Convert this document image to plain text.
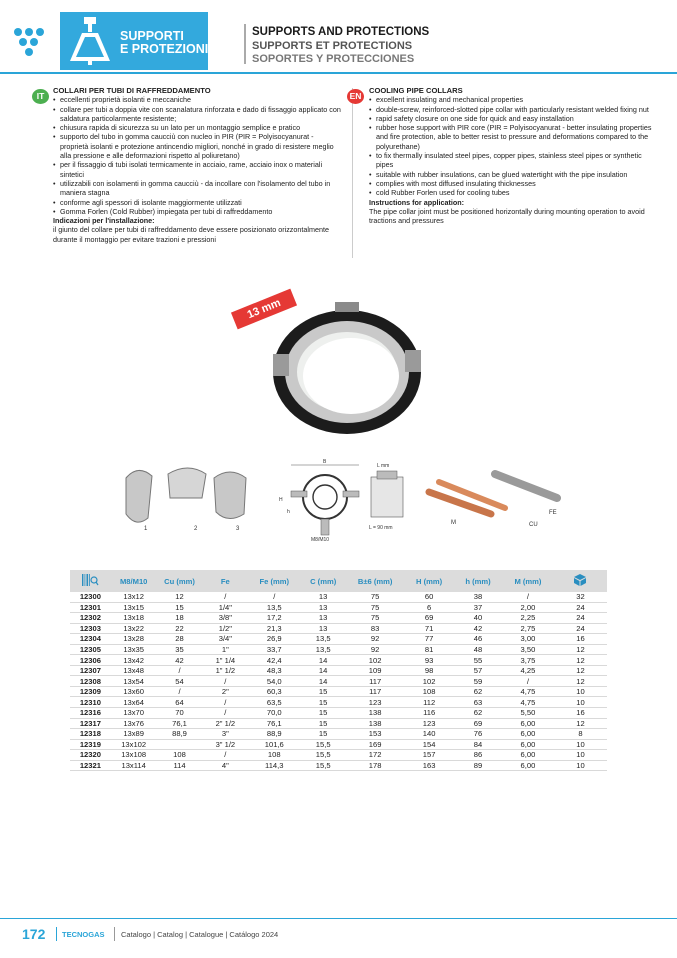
SUPPORTI
E PROTEZIONI
SUPPORTS AND PROTECTIONS
SUPPORTS ET PROTECTIONS
SOPORTES Y PROTECCIONES
IT
COLLARI PER TUBI DI RAFFREDDAMENTO
• eccellenti proprietà isolanti e meccaniche
• collare per tubi a doppia vite con scanalatura rinforzata e dado di fissaggio applicato con saldatura particolarmente resistente;
• chiusura rapida di sicurezza su un lato per un montaggio semplice e pratico
• supporto del tubo in gomma caucciù con nucleo in PIR (PIR = Polyisocyanurat - proprietà isolanti e protezione antincendio migliori, nonché in grado di resistere meglio alla pressione e alle deformazioni rispetto al poliuretano)
• per il fissaggio di tubi isolati termicamente in acciaio, rame, acciaio inox o materiali sintetici
• utilizzabili con isolamenti in gomma caucciù - da incollare con l'isolamento del tubo in maniera stagna
• conforme agli spessori di isolante maggiormente utilizzati
• Gomma Forlen (Cold Rubber) impiegata per tubi di raffreddamento
Indicazioni per l'installazione:
il giunto del collare per tubi di raffreddamento deve essere posizionato orizzontalmente durante il montaggio per evitare trazioni e pressioni
EN
COOLING PIPE COLLARS
• excellent insulating and mechanical properties
• double-screw, reinforced-slotted pipe collar with particularly resistant welded fixing nut
• rapid safety closure on one side for quick and easy installation
• rubber hose support with PIR core (PIR = Polyisocyanurat - better insulating properties and fire protection, able to better resist to pressure and deformations compared to the polyurethane)
• to fix thermally insulated steel pipes, copper pipes, stainless steel pipes or synthetic pipes
• suitable with rubber insulations, can be glued watertight with the pipe insulation
• complies with most diffused insulating thicknesses
• cold Rubber Forlen used for cooling tubes
Instructions for application:
The pipe collar joint must be positioned horizontally during mounting operation to avoid tractions and pressures
13 mm
1	2	3
B
H
h
M8/M10
L mm
L = 90 mm
M	CU
FE
	M8/M10	Cu (mm)	Fe	Fe (mm)	C (mm)	B±6 (mm)	H (mm)	h (mm)	M (mm)	
12300	13x12	12	/	/	13	75	60	38	/	32
12301	13x15	15	1/4"	13,5	13	75	6	37	2,00	24
12302	13x18	18	3/8"	17,2	13	75	69	40	2,25	24
12303	13x22	22	1/2"	21,3	13	83	71	42	2,75	24
12304	13x28	28	3/4"	26,9	13,5	92	77	46	3,00	16
12305	13x35	35	1"	33,7	13,5	92	81	48	3,50	12
12306	13x42	42	1" 1/4	42,4	14	102	93	55	3,75	12
12307	13x48	/	1" 1/2	48,3	14	109	98	57	4,25	12
12308	13x54	54	/	54,0	14	117	102	59	/	12
12309	13x60	/	2"	60,3	15	117	108	62	4,75	10
12310	13x64	64	/	63,5	15	123	112	63	4,75	10
12316	13x70	70	/	70,0	15	138	116	62	5,50	16
12317	13x76	76,1	2" 1/2	76,1	15	138	123	69	6,00	12
12318	13x89	88,9	3"	88,9	15	153	140	76	6,00	8
12319	13x102		3" 1/2	101,6	15,5	169	154	84	6,00	10
12320	13x108	108	/	108	15,5	172	157	86	6,00	10
12321	13x114	114	4"	114,3	15,5	178	163	89	6,00	10
172 TECNOGAS Catalogo | Catalog | Catalogue | Catálogo 2024
